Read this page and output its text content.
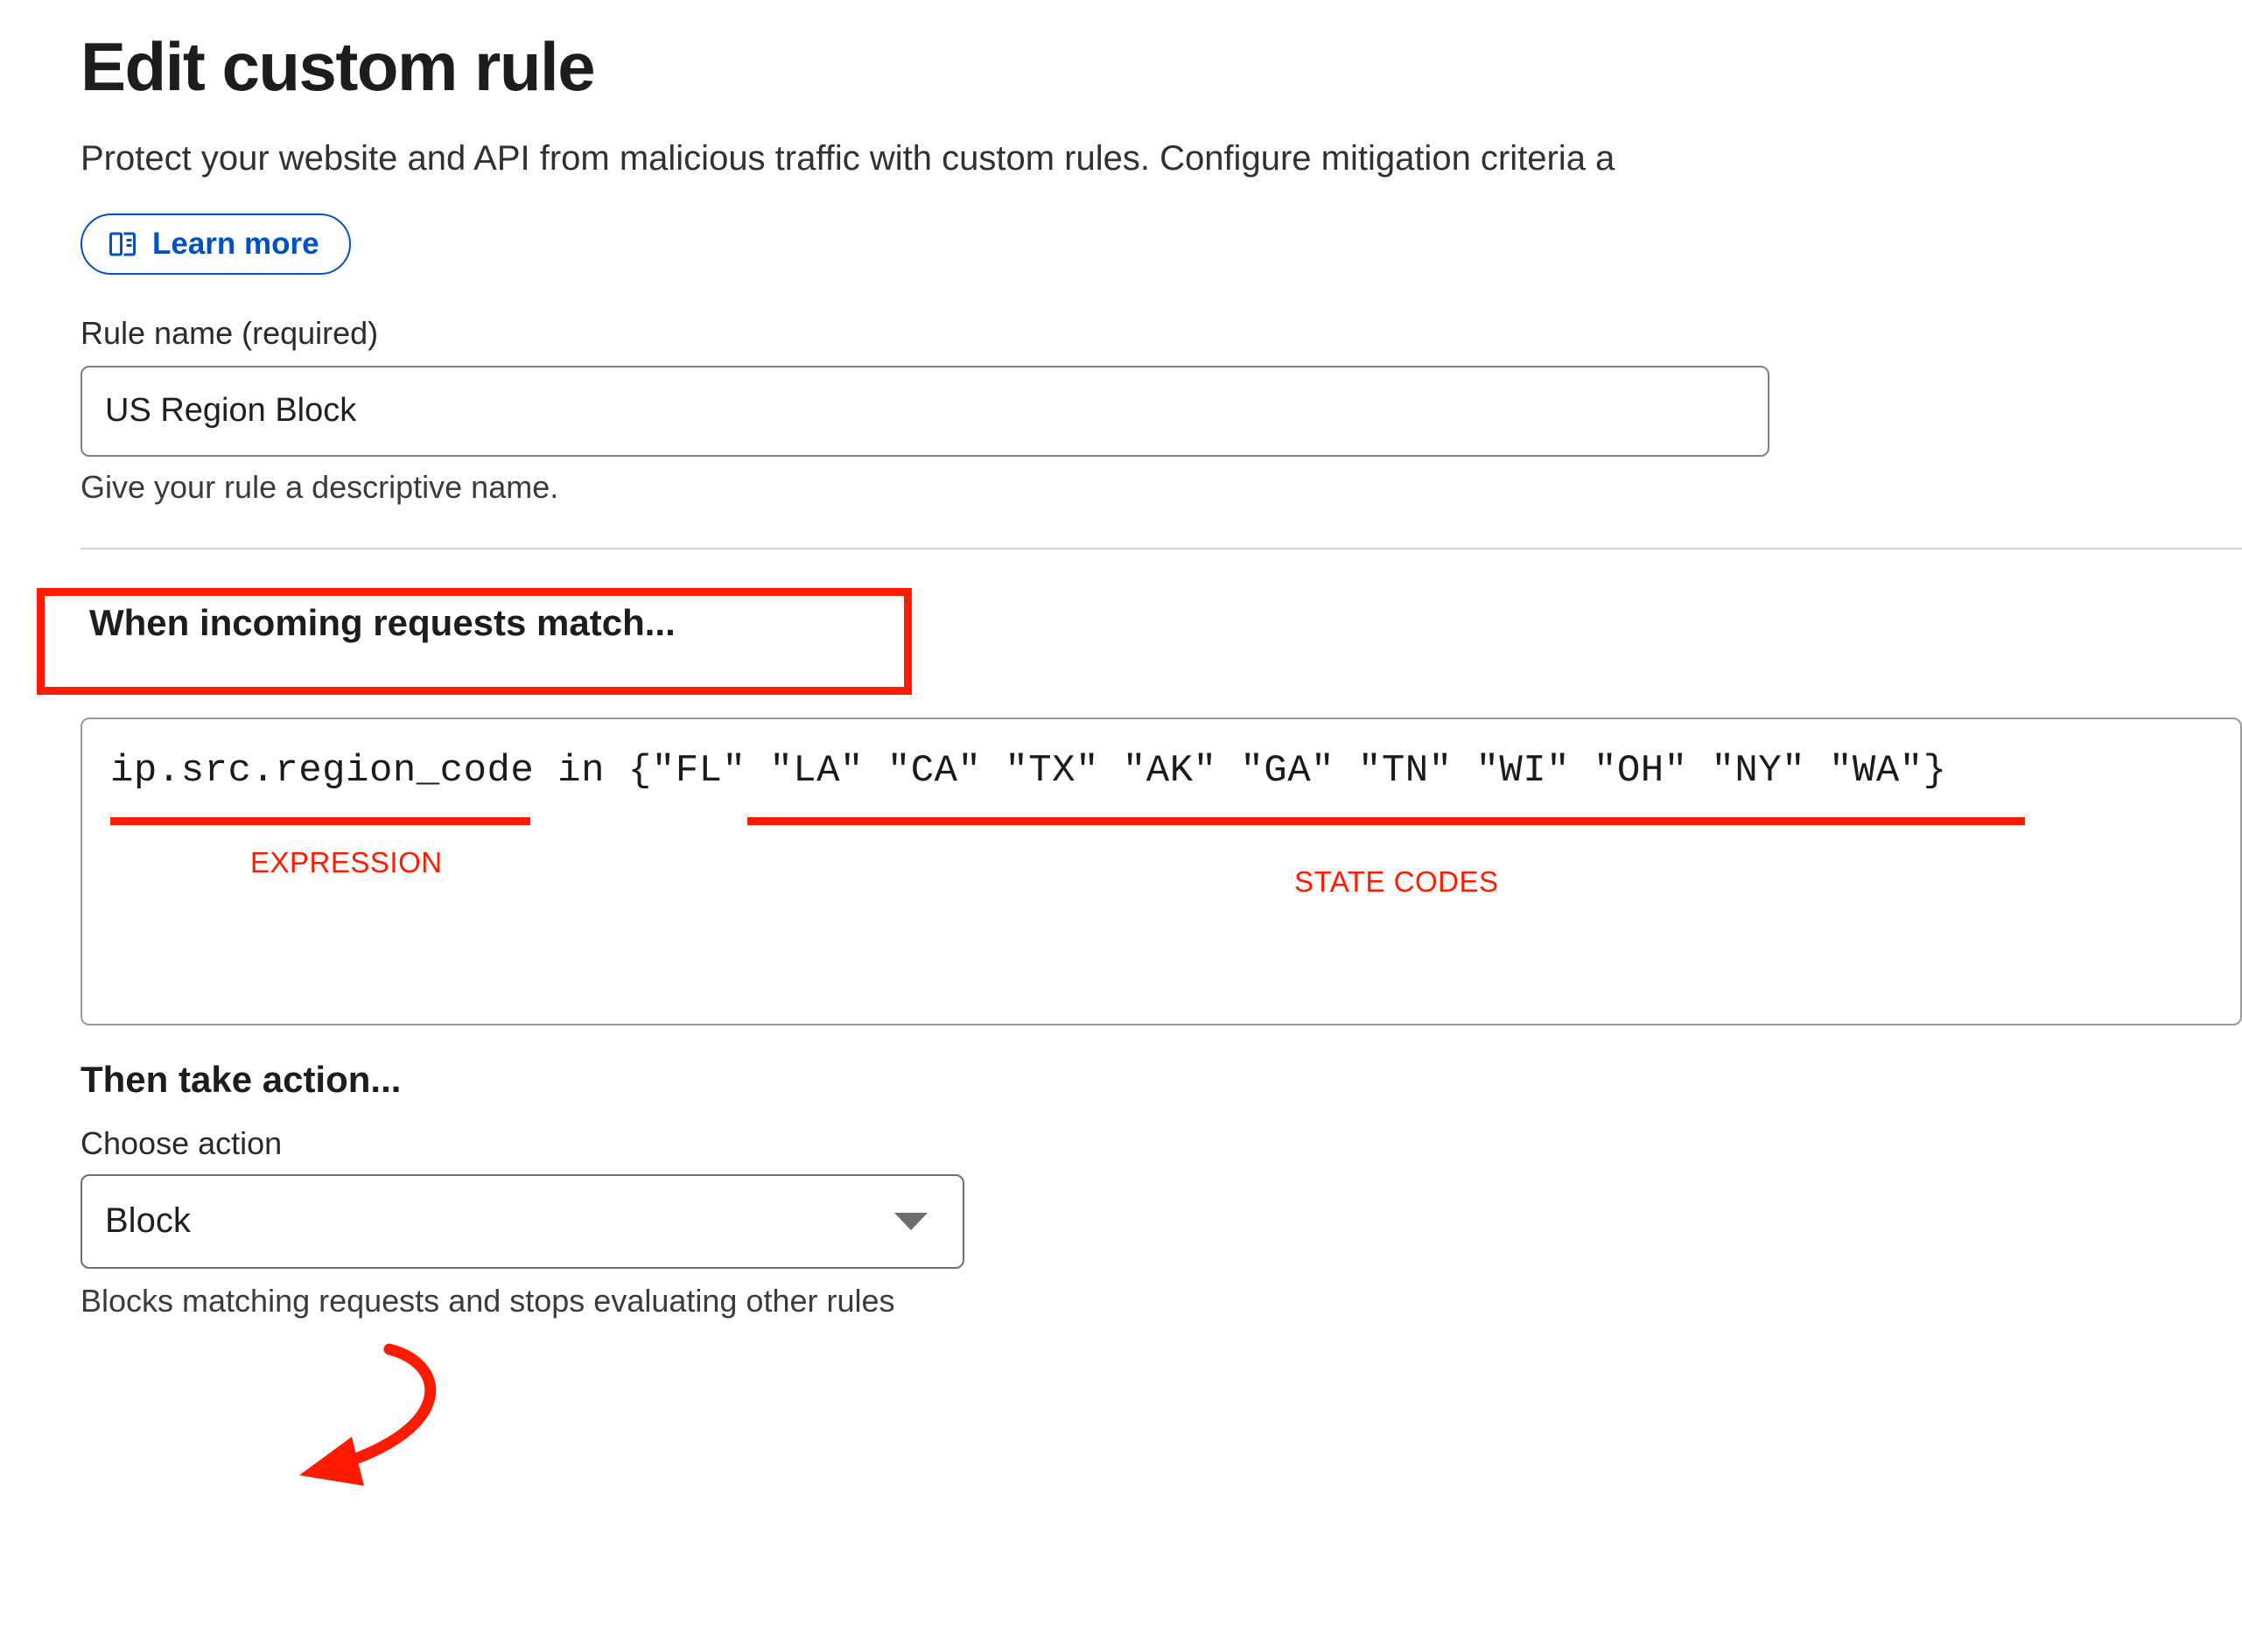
Edit custom rule

Protect your website and API from malicious traffic with custom rules. Configure mitigation criteria a

Learn more
Rule name (required)
US Region Block
Give your rule a descriptive name.
When incoming requests match...
ip.src.region_code in {"FL" "LA" "CA" "TX" "AK" "GA" "TN" "WI" "OH" "NY" "WA"}
EXPRESSION
STATE CODES
Then take action...
Choose action
Block
Blocks matching requests and stops evaluating other rules
